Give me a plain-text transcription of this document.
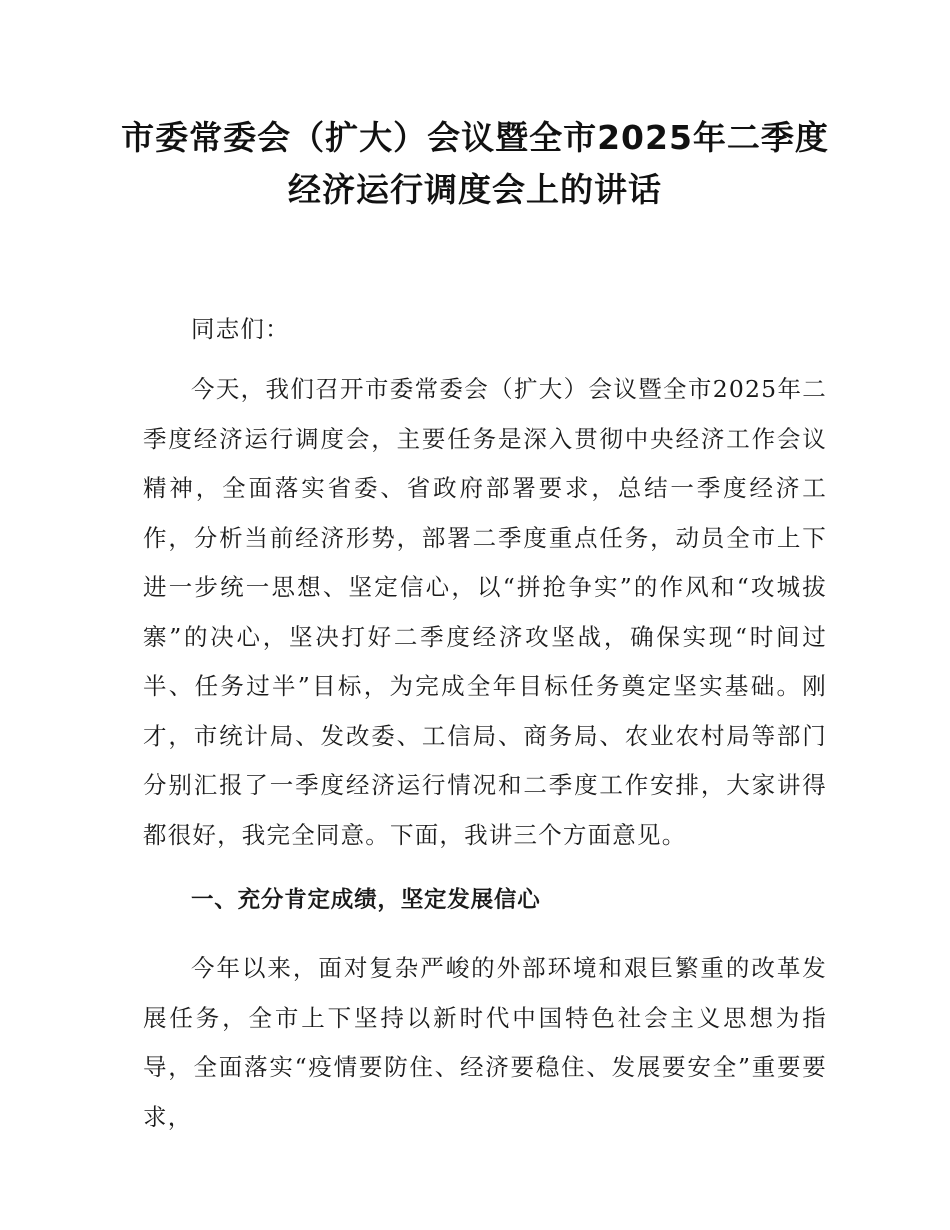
市委常委会（扩大）会议暨全市2025年二季度经济运行调度会上的讲话

同志们：

今天，我们召开市委常委会（扩大）会议暨全市2025年二季度经济运行调度会，主要任务是深入贯彻中央经济工作会议精神，全面落实省委、省政府部署要求，总结一季度经济工作，分析当前经济形势，部署二季度重点任务，动员全市上下进一步统一思想、坚定信心，以“拼抢争实”的作风和“攻城拔寨”的决心，坚决打好二季度经济攻坚战，确保实现“时间过半、任务过半”目标，为完成全年目标任务奠定坚实基础。刚才，市统计局、发改委、工信局、商务局、农业农村局等部门分别汇报了一季度经济运行情况和二季度工作安排，大家讲得都很好，我完全同意。下面，我讲三个方面意见。

一、充分肯定成绩，坚定发展信心

今年以来，面对复杂严峻的外部环境和艰巨繁重的改革发展任务，全市上下坚持以新时代中国特色社会主义思想为指导，全面落实“疫情要防住、经济要稳住、发展要安全”重要要求，
